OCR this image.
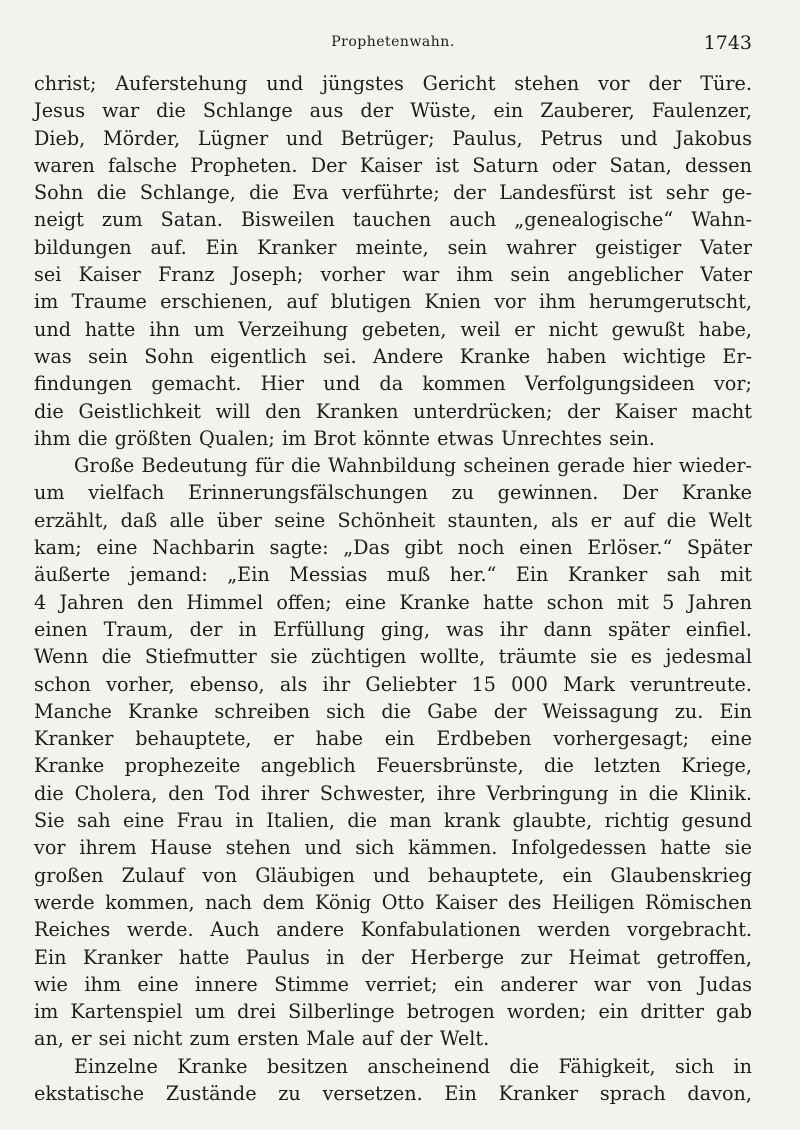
Prophetenwahn.	1743
christ; Auferstehung und jüngstes Gericht stehen vor der Türe.
Jesus war die Schlange aus der Wüste, ein Zauberer, Faulenzer,
Dieb, Mörder, Lügner und Betrüger; Paulus, Petrus und Jakobus
waren falsche Propheten. Der Kaiser ist Saturn oder Satan, dessen
Sohn die Schlange, die Eva verführte; der Landesfürst ist sehr ge-
neigt zum Satan. Bisweilen tauchen auch „genealogische“ Wahn-
bildungen auf. Ein Kranker meinte, sein wahrer geistiger Vater
sei Kaiser Franz Joseph; vorher war ihm sein angeblicher Vater
im Traume erschienen, auf blutigen Knien vor ihm herumgerutscht,
und hatte ihn um Verzeihung gebeten, weil er nicht gewußt habe,
was sein Sohn eigentlich sei. Andere Kranke haben wichtige Er-
findungen gemacht. Hier und da kommen Verfolgungsideen vor;
die Geistlichkeit will den Kranken unterdrücken; der Kaiser macht
ihm die größten Qualen; im Brot könnte etwas Unrechtes sein.
Große Bedeutung für die Wahnbildung scheinen gerade hier wieder-
um vielfach Erinnerungsfälschungen zu gewinnen. Der Kranke
erzählt, daß alle über seine Schönheit staunten, als er auf die Welt
kam; eine Nachbarin sagte: „Das gibt noch einen Erlöser.“ Später
äußerte jemand: „Ein Messias muß her.“ Ein Kranker sah mit
4 Jahren den Himmel offen; eine Kranke hatte schon mit 5 Jahren
einen Traum, der in Erfüllung ging, was ihr dann später einfiel.
Wenn die Stiefmutter sie züchtigen wollte, träumte sie es jedesmal
schon vorher, ebenso, als ihr Geliebter 15 000 Mark veruntreute.
Manche Kranke schreiben sich die Gabe der Weissagung zu. Ein
Kranker behauptete, er habe ein Erdbeben vorhergesagt; eine
Kranke prophezeite angeblich Feuersbrünste, die letzten Kriege,
die Cholera, den Tod ihrer Schwester, ihre Verbringung in die Klinik.
Sie sah eine Frau in Italien, die man krank glaubte, richtig gesund
vor ihrem Hause stehen und sich kämmen. Infolgedessen hatte sie
großen Zulauf von Gläubigen und behauptete, ein Glaubenskrieg
werde kommen, nach dem König Otto Kaiser des Heiligen Römischen
Reiches werde. Auch andere Konfabulationen werden vorgebracht.
Ein Kranker hatte Paulus in der Herberge zur Heimat getroffen,
wie ihm eine innere Stimme verriet; ein anderer war von Judas
im Kartenspiel um drei Silberlinge betrogen worden; ein dritter gab
an, er sei nicht zum ersten Male auf der Welt.
Einzelne Kranke besitzen anscheinend die Fähigkeit, sich in
ekstatische Zustände zu versetzen. Ein Kranker sprach davon,
